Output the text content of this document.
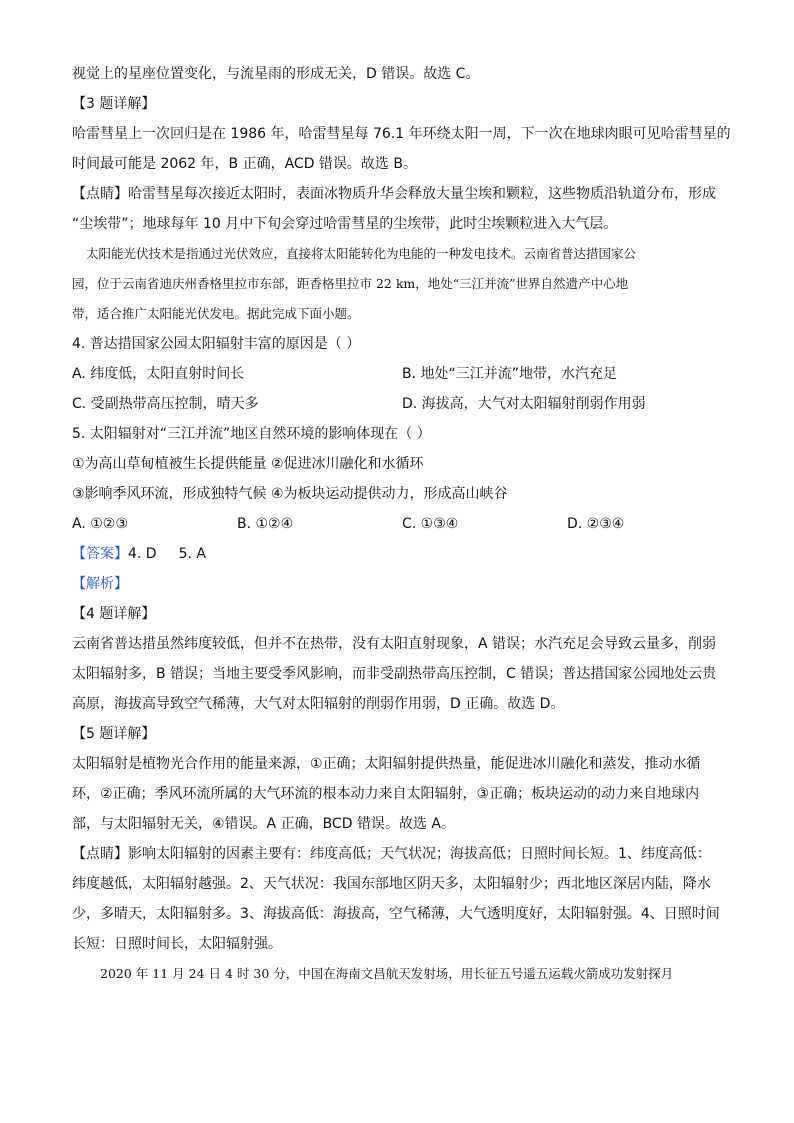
视觉上的星座位置变化，与流星雨的形成无关，D 错误。故选 C。
【3 题详解】
哈雷彗星上一次回归是在 1986 年，哈雷彗星每 76.1 年环绕太阳一周，下一次在地球肉眼可见哈雷彗星的
时间最可能是 2062 年，B 正确，ACD 错误。故选 B。
【点睛】哈雷彗星每次接近太阳时，表面冰物质升华会释放大量尘埃和颗粒，这些物质沿轨道分布，形成
“尘埃带”；地球每年 10 月中下旬会穿过哈雷彗星的尘埃带，此时尘埃颗粒进入大气层。
太阳能光伏技术是指通过光伏效应，直接将太阳能转化为电能的一种发电技术。云南省普达措国家公
园，位于云南省迪庆州香格里拉市东部，距香格里拉市 22 km，地处“三江并流”世界自然遗产中心地
带，适合推广太阳能光伏发电。据此完成下面小题。
4. 普达措国家公园太阳辐射丰富的原因是（ ）
A. 纬度低，太阳直射时间长	B. 地处“三江并流”地带，水汽充足
C. 受副热带高压控制，晴天多	D. 海拔高，大气对太阳辐射削弱作用弱
5. 太阳辐射对“三江并流”地区自然环境的影响体现在（ ）
①为高山草甸植被生长提供能量 ②促进冰川融化和水循环
③影响季风环流，形成独特气候 ④为板块运动提供动力，形成高山峡谷
A. ①②③	B. ①②④	C. ①③④	D. ②③④
【答案】4. D 5. A
【解析】
【4 题详解】
云南省普达措虽然纬度较低，但并不在热带，没有太阳直射现象，A 错误；水汽充足会导致云量多，削弱
太阳辐射多，B 错误；当地主要受季风影响，而非受副热带高压控制，C 错误；普达措国家公园地处云贵
高原，海拔高导致空气稀薄，大气对太阳辐射的削弱作用弱，D 正确。故选 D。
【5 题详解】
太阳辐射是植物光合作用的能量来源，①正确；太阳辐射提供热量，能促进冰川融化和蒸发，推动水循
环，②正确；季风环流所属的大气环流的根本动力来自太阳辐射，③正确；板块运动的动力来自地球内
部，与太阳辐射无关，④错误。A 正确，BCD 错误。故选 A。
【点睛】影响太阳辐射的因素主要有：纬度高低；天气状况；海拔高低；日照时间长短。1、纬度高低：
纬度越低，太阳辐射越强。2、天气状况：我国东部地区阴天多，太阳辐射少；西北地区深居内陆，降水
少，多晴天，太阳辐射多。3、海拔高低：海拔高，空气稀薄，大气透明度好，太阳辐射强。4、日照时间
长短：日照时间长，太阳辐射强。
2020 年 11 月 24 日 4 时 30 分，中国在海南文昌航天发射场，用长征五号遥五运载火箭成功发射探月
